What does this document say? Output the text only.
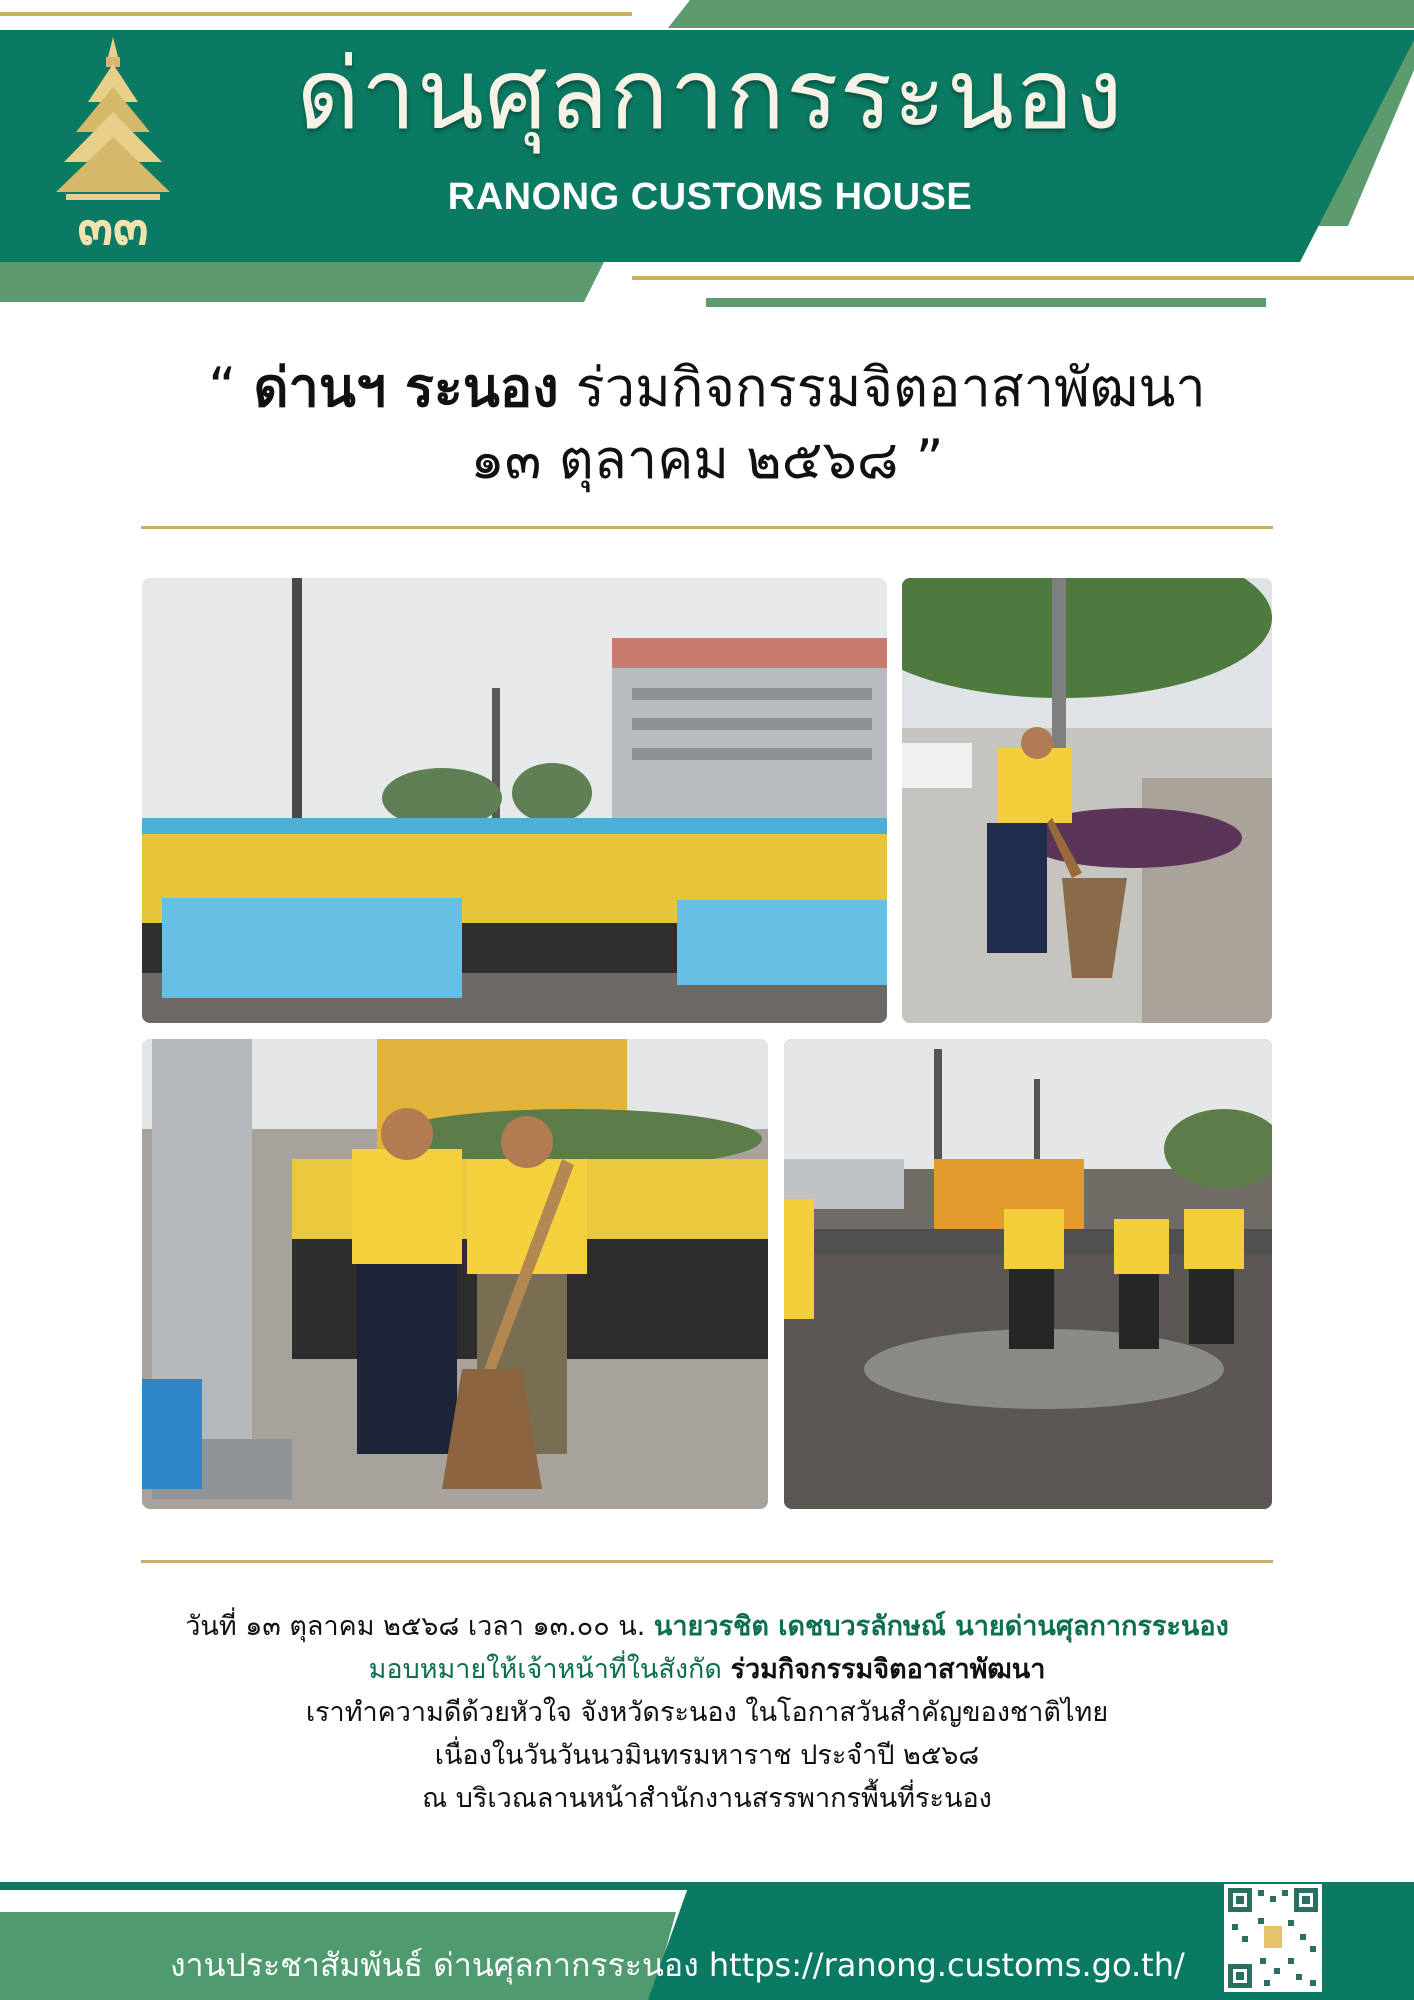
๓๓
ด่านศุลกากรระนอง
RANONG CUSTOMS HOUSE
“ ด่านฯ ระนอง ร่วมกิจกรรมจิตอาสาพัฒนา
๑๓ ตุลาคม ๒๕๖๘ ”
วันที่ ๑๓ ตุลาคม ๒๕๖๘ เวลา ๑๓.๐๐ น. นายวรชิต เดชบวรลักษณ์ นายด่านศุลกากรระนอง
มอบหมายให้เจ้าหน้าที่ในสังกัด ร่วมกิจกรรมจิตอาสาพัฒนา
เราทำความดีด้วยหัวใจ จังหวัดระนอง ในโอกาสวันสำคัญของชาติไทย
เนื่องในวันวันนวมินทรมหาราช ประจำปี ๒๕๖๘
ณ บริเวณลานหน้าสำนักงานสรรพากรพื้นที่ระนอง
งานประชาสัมพันธ์ ด่านศุลกากรระนอง https://ranong.customs.go.th/
